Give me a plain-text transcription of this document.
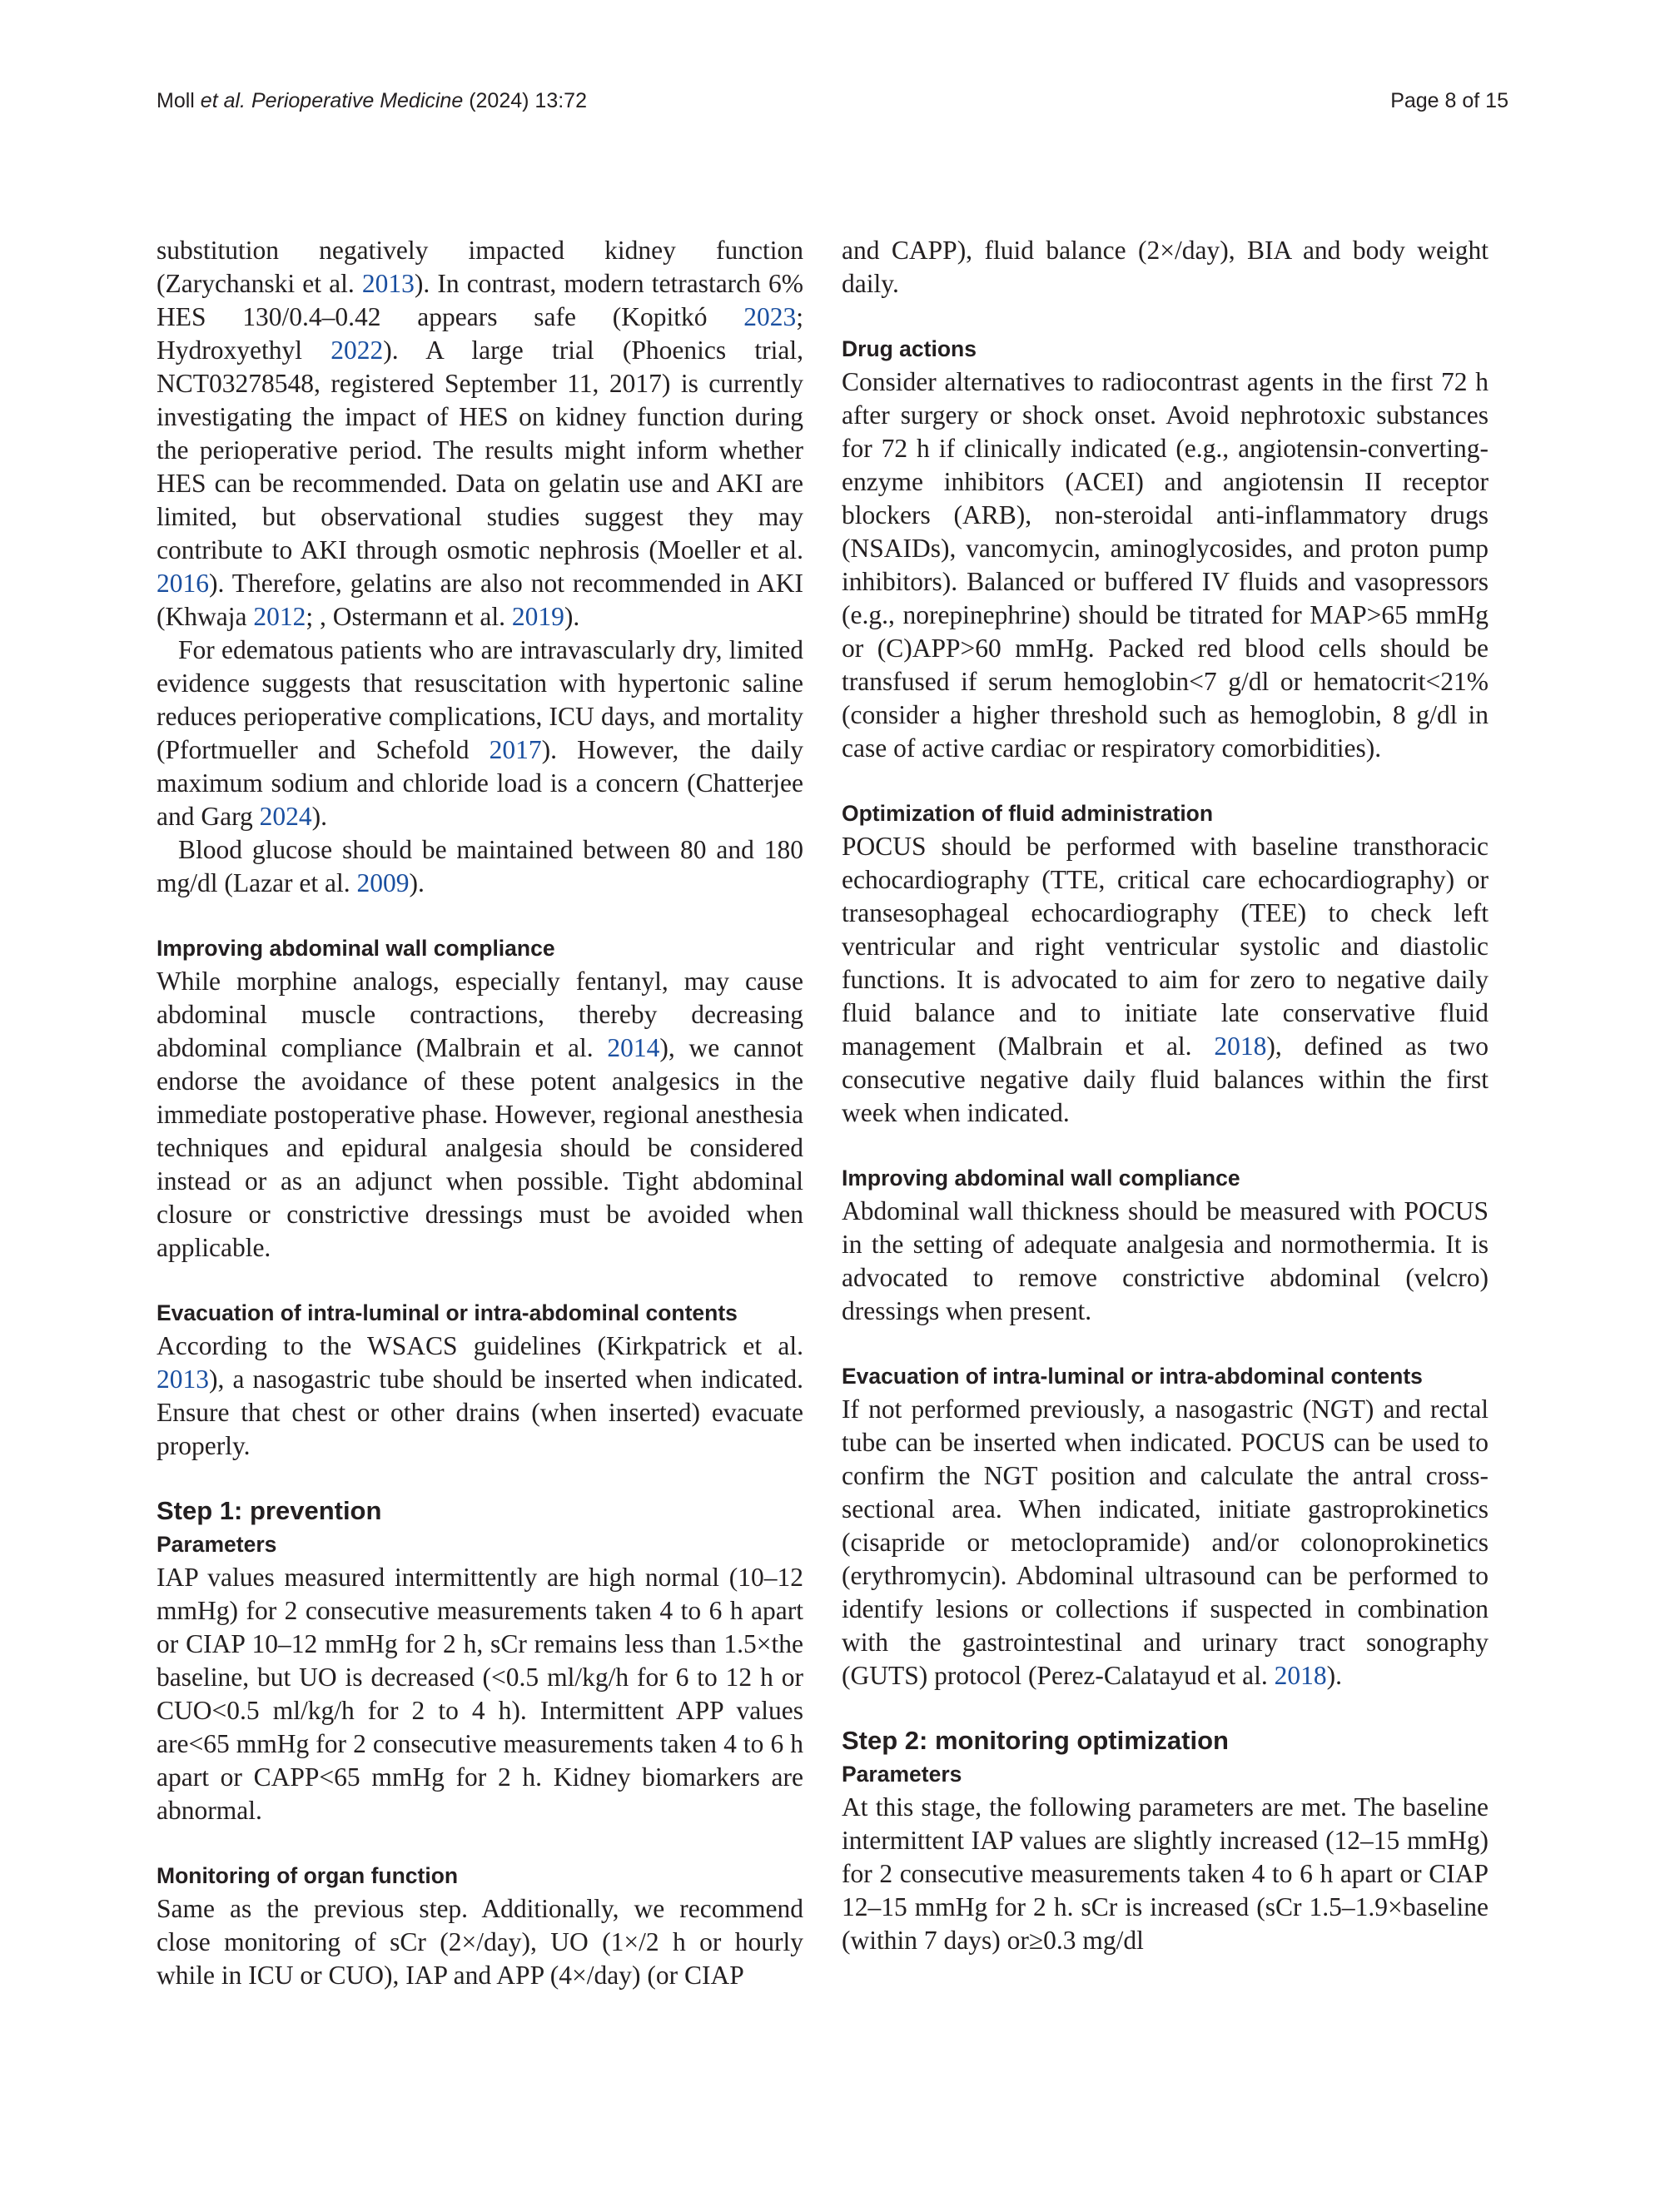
Moll et al. Perioperative Medicine (2024) 13:72	Page 8 of 15

substitution negatively impacted kidney function (Zarychanski et al. 2013). In contrast, modern tetrastarch 6% HES 130/0.4–0.42 appears safe (Kopitkó 2023; Hydroxyethyl 2022). A large trial (Phoenics trial, NCT03278548, registered September 11, 2017) is currently investigating the impact of HES on kidney function during the perioperative period. The results might inform whether HES can be recommended. Data on gelatin use and AKI are limited, but observational studies suggest they may contribute to AKI through osmotic nephrosis (Moeller et al. 2016). Therefore, gelatins are also not recommended in AKI (Khwaja 2012; , Ostermann et al. 2019).

For edematous patients who are intravascularly dry, limited evidence suggests that resuscitation with hypertonic saline reduces perioperative complications, ICU days, and mortality (Pfortmueller and Schefold 2017). However, the daily maximum sodium and chloride load is a concern (Chatterjee and Garg 2024).

Blood glucose should be maintained between 80 and 180 mg/dl (Lazar et al. 2009).

Improving abdominal wall compliance

While morphine analogs, especially fentanyl, may cause abdominal muscle contractions, thereby decreasing abdominal compliance (Malbrain et al. 2014), we cannot endorse the avoidance of these potent analgesics in the immediate postoperative phase. However, regional anesthesia techniques and epidural analgesia should be considered instead or as an adjunct when possible. Tight abdominal closure or constrictive dressings must be avoided when applicable.

Evacuation of intra-luminal or intra-abdominal contents

According to the WSACS guidelines (Kirkpatrick et al. 2013), a nasogastric tube should be inserted when indicated. Ensure that chest or other drains (when inserted) evacuate properly.

Step 1: prevention
Parameters

IAP values measured intermittently are high normal (10–12 mmHg) for 2 consecutive measurements taken 4 to 6 h apart or CIAP 10–12 mmHg for 2 h, sCr remains less than 1.5×the baseline, but UO is decreased (<0.5 ml/kg/h for 6 to 12 h or CUO<0.5 ml/kg/h for 2 to 4 h). Intermittent APP values are<65 mmHg for 2 consecutive measurements taken 4 to 6 h apart or CAPP<65 mmHg for 2 h. Kidney biomarkers are abnormal.

Monitoring of organ function

Same as the previous step. Additionally, we recommend close monitoring of sCr (2×/day), UO (1×/2 h or hourly while in ICU or CUO), IAP and APP (4×/day) (or CIAP

and CAPP), fluid balance (2×/day), BIA and body weight daily.

Drug actions

Consider alternatives to radiocontrast agents in the first 72 h after surgery or shock onset. Avoid nephrotoxic substances for 72 h if clinically indicated (e.g., angiotensin-converting-enzyme inhibitors (ACEI) and angiotensin II receptor blockers (ARB), non-steroidal anti-inflammatory drugs (NSAIDs), vancomycin, aminoglycosides, and proton pump inhibitors). Balanced or buffered IV fluids and vasopressors (e.g., norepinephrine) should be titrated for MAP>65 mmHg or (C)APP>60 mmHg. Packed red blood cells should be transfused if serum hemoglobin<7 g/dl or hematocrit<21% (consider a higher threshold such as hemoglobin, 8 g/dl in case of active cardiac or respiratory comorbidities).

Optimization of fluid administration

POCUS should be performed with baseline transthoracic echocardiography (TTE, critical care echocardiography) or transesophageal echocardiography (TEE) to check left ventricular and right ventricular systolic and diastolic functions. It is advocated to aim for zero to negative daily fluid balance and to initiate late conservative fluid management (Malbrain et al. 2018), defined as two consecutive negative daily fluid balances within the first week when indicated.

Improving abdominal wall compliance

Abdominal wall thickness should be measured with POCUS in the setting of adequate analgesia and normothermia. It is advocated to remove constrictive abdominal (velcro) dressings when present.

Evacuation of intra-luminal or intra-abdominal contents

If not performed previously, a nasogastric (NGT) and rectal tube can be inserted when indicated. POCUS can be used to confirm the NGT position and calculate the antral cross-sectional area. When indicated, initiate gastroprokinetics (cisapride or metoclopramide) and/or colonoprokinetics (erythromycin). Abdominal ultrasound can be performed to identify lesions or collections if suspected in combination with the gastrointestinal and urinary tract sonography (GUTS) protocol (Perez-Calatayud et al. 2018).

Step 2: monitoring optimization
Parameters

At this stage, the following parameters are met. The baseline intermittent IAP values are slightly increased (12–15 mmHg) for 2 consecutive measurements taken 4 to 6 h apart or CIAP 12–15 mmHg for 2 h. sCr is increased (sCr 1.5–1.9×baseline (within 7 days) or≥0.3 mg/dl
